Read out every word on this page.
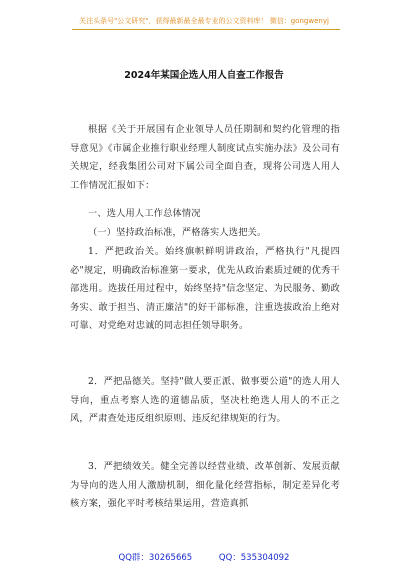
关注头条号"公文研究"，获得最新最全最专业的公文资料库！ 微信：gongwenyj
2024年某国企选人用人自查工作报告

根据《关于开展国有企业领导人员任期制和契约化管理的指导意见》《市属企业推行职业经理人制度试点实施办法》及公司有关规定，经我集团公司对下属公司全面自查，现将公司选人用人工作情况汇报如下：

一、选人用人工作总体情况

（一）坚持政治标准，严格落实人选把关。

1．严把政治关。始终旗帜鲜明讲政治，严格执行"凡提四必"规定，明确政治标准第一要求，优先从政治素质过硬的优秀干部选用。选拔任用过程中，始终坚持"信念坚定、为民服务、勤政务实、敢于担当、清正廉洁"的好干部标准，注重选拔政治上绝对可靠、对党绝对忠诚的同志担任领导职务。

2．严把品德关。坚持"做人要正派、做事要公道"的选人用人导向，重点考察人选的道德品质，坚决杜绝选人用人的不正之风，严肃查处违反组织原则、违反纪律规矩的行为。

3．严把绩效关。健全完善以经营业绩、改革创新、发展贡献为导向的选人用人激励机制，细化量化经营指标，制定差异化考核方案，强化平时考核结果运用，营造真抓

QQ群：30265665	QQ：535304092
